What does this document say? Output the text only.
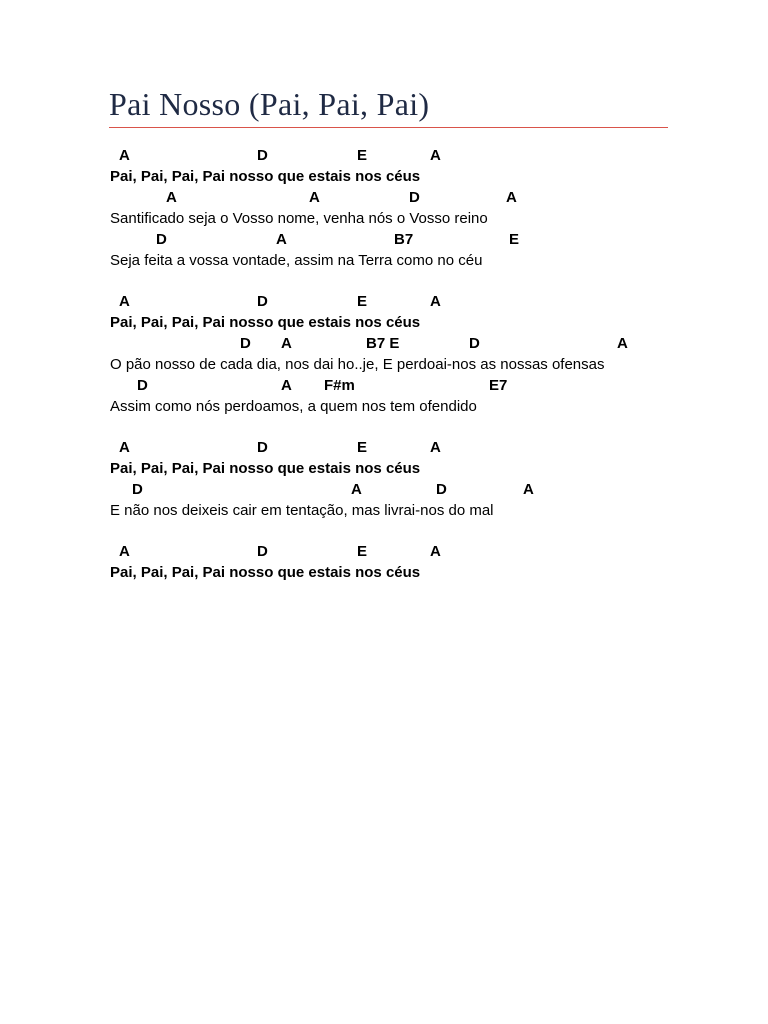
Pai Nosso (Pai, Pai, Pai)
A	D	E	A
Pai, Pai, Pai, Pai nosso que estais nos céus
A	A	D	A
Santificado seja o Vosso nome, venha nós o Vosso reino
D	A	B7	E
Seja feita a vossa vontade, assim na Terra como no céu
A	D	E	A
Pai, Pai, Pai, Pai nosso que estais nos céus
D A	B7 E	D	A
O pão nosso de cada dia, nos dai ho..je, E perdoai-nos as nossas ofensas
D	A F#m	E7
Assim como nós perdoamos, a quem nos tem ofendido
A	D	E	A
Pai, Pai, Pai, Pai nosso que estais nos céus
D	A	D	A
E não nos deixeis cair em tentação, mas livrai-nos do mal
A	D	E	A
Pai, Pai, Pai, Pai nosso que estais nos céus
